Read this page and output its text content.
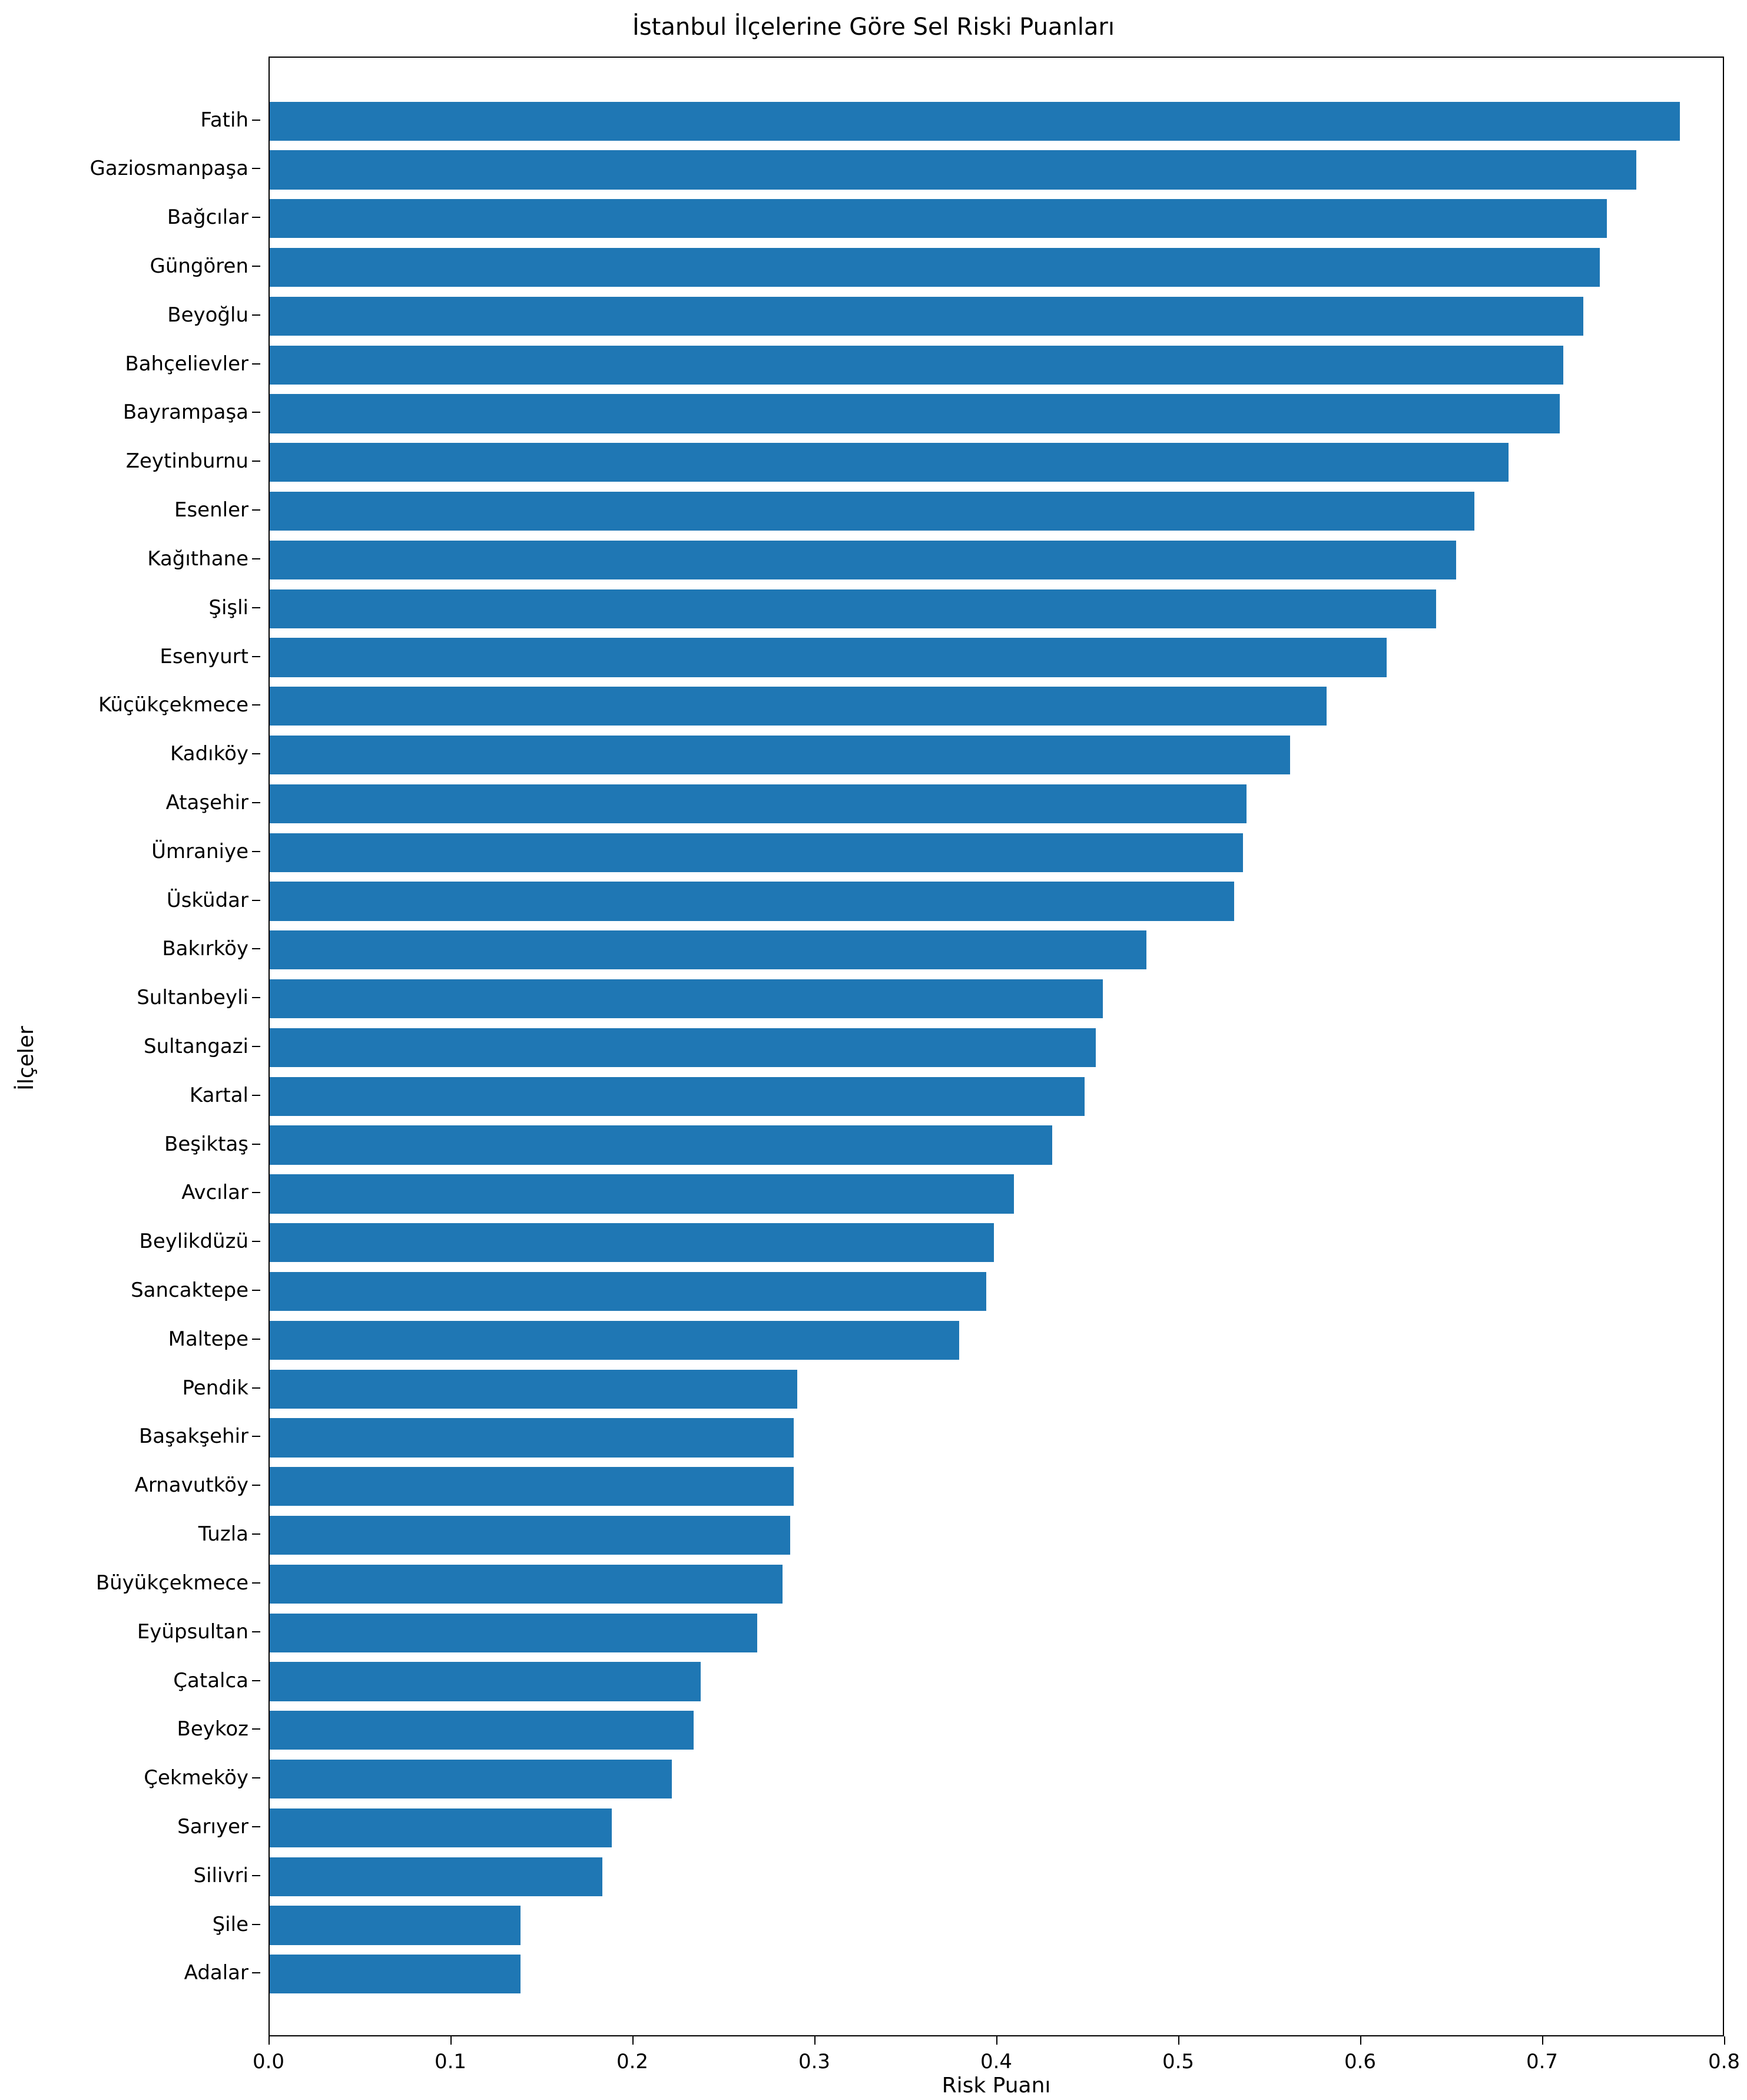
İstanbul İlçelerine Göre Sel Riski Puanları
Fatih
Gaziosmanpaşa
Bağcılar
Güngören
Beyoğlu
Bahçelievler
Bayrampaşa
Zeytinburnu
Esenler
Kağıthane
Şişli
Esenyurt
Küçükçekmece
Kadıköy
Ataşehir
Ümraniye
Üsküdar
Bakırköy
Sultanbeyli
Sultangazi
Kartal
Beşiktaş
Avcılar
Beylikdüzü
Sancaktepe
Maltepe
Pendik
Başakşehir
Arnavutköy
Tuzla
Büyükçekmece
Eyüpsultan
Çatalca
Beykoz
Çekmeköy
Sarıyer
Silivri
Şile
Adalar
0.0	0.1	0.2	0.3	0.4	0.5	0.6	0.7	0.8
Risk Puanı
İlçeler
